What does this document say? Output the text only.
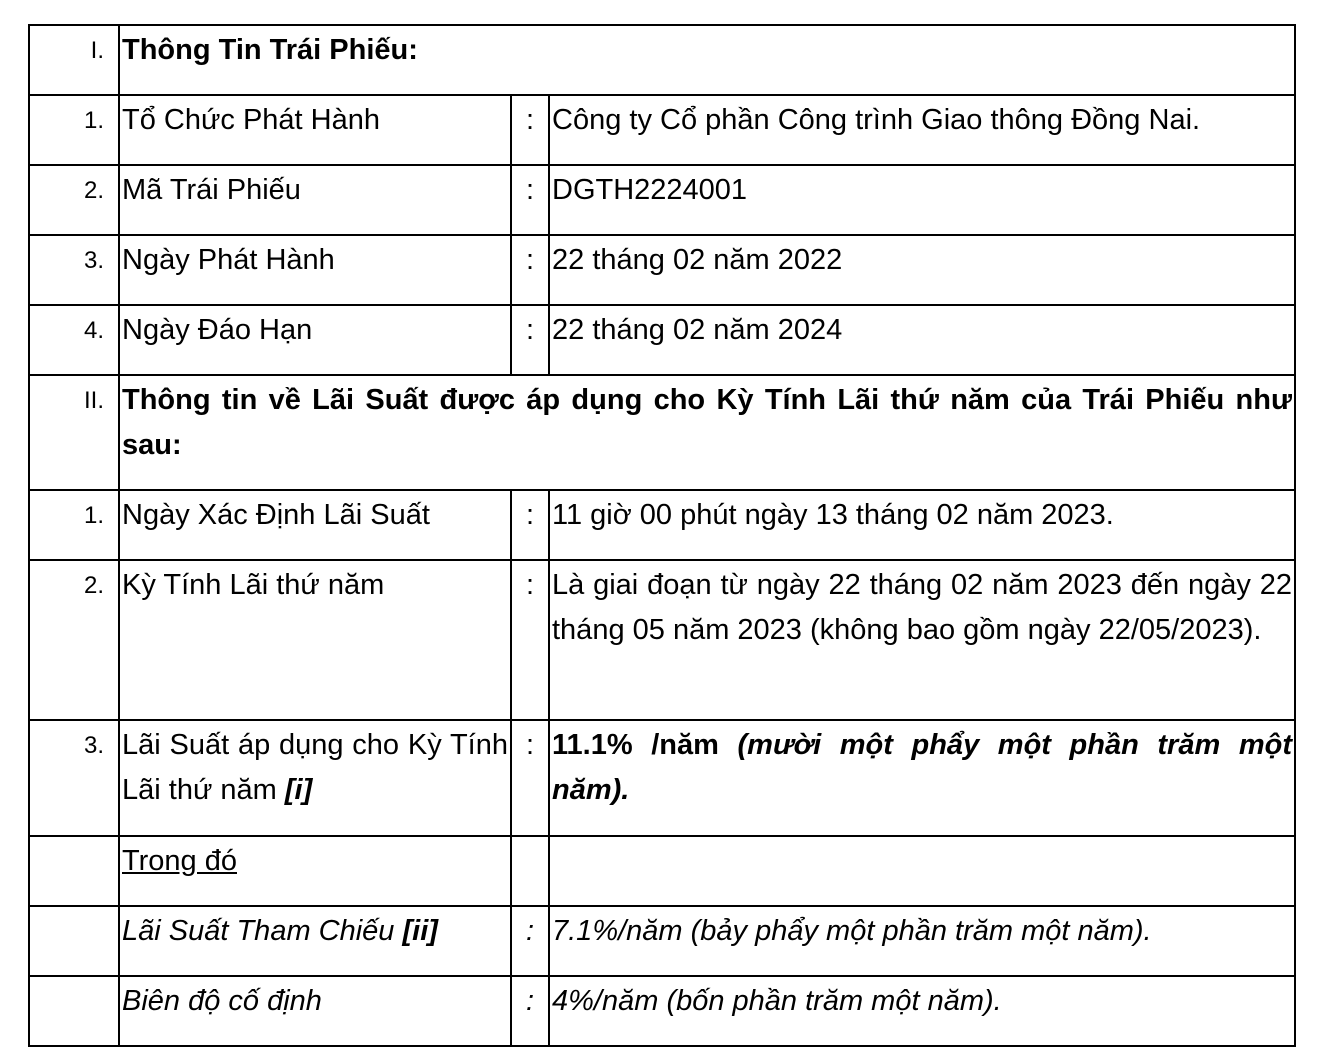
I.	Thông Tin Trái Phiếu:		
1.	Tổ Chức Phát Hành	:	Công ty Cổ phần Công trình Giao thông Đồng Nai.
2.	Mã Trái Phiếu	:	DGTH2224001
3.	Ngày Phát Hành	:	22 tháng 02 năm 2022
4.	Ngày Đáo Hạn	:	22 tháng 02 năm 2024
II.	Thông tin về Lãi Suất được áp dụng cho Kỳ Tính Lãi thứ năm của Trái Phiếu như sau:		
1.	Ngày Xác Định Lãi Suất	:	11 giờ 00 phút ngày 13 tháng 02 năm 2023.
2.	Kỳ Tính Lãi thứ năm	:	Là giai đoạn từ ngày 22 tháng 02 năm 2023 đến ngày 22 tháng 05 năm 2023 (không bao gồm ngày 22/05/2023).
3.	Lãi Suất áp dụng cho Kỳ Tính Lãi thứ năm [i]	:	11.1% /năm (mười một phẩy một phần trăm một năm).
	Trong đó		
	Lãi Suất Tham Chiếu [ii]	:	7.1%/năm (bảy phẩy một phần trăm một năm).
	Biên độ cố định	:	4%/năm (bốn phần trăm một năm).
